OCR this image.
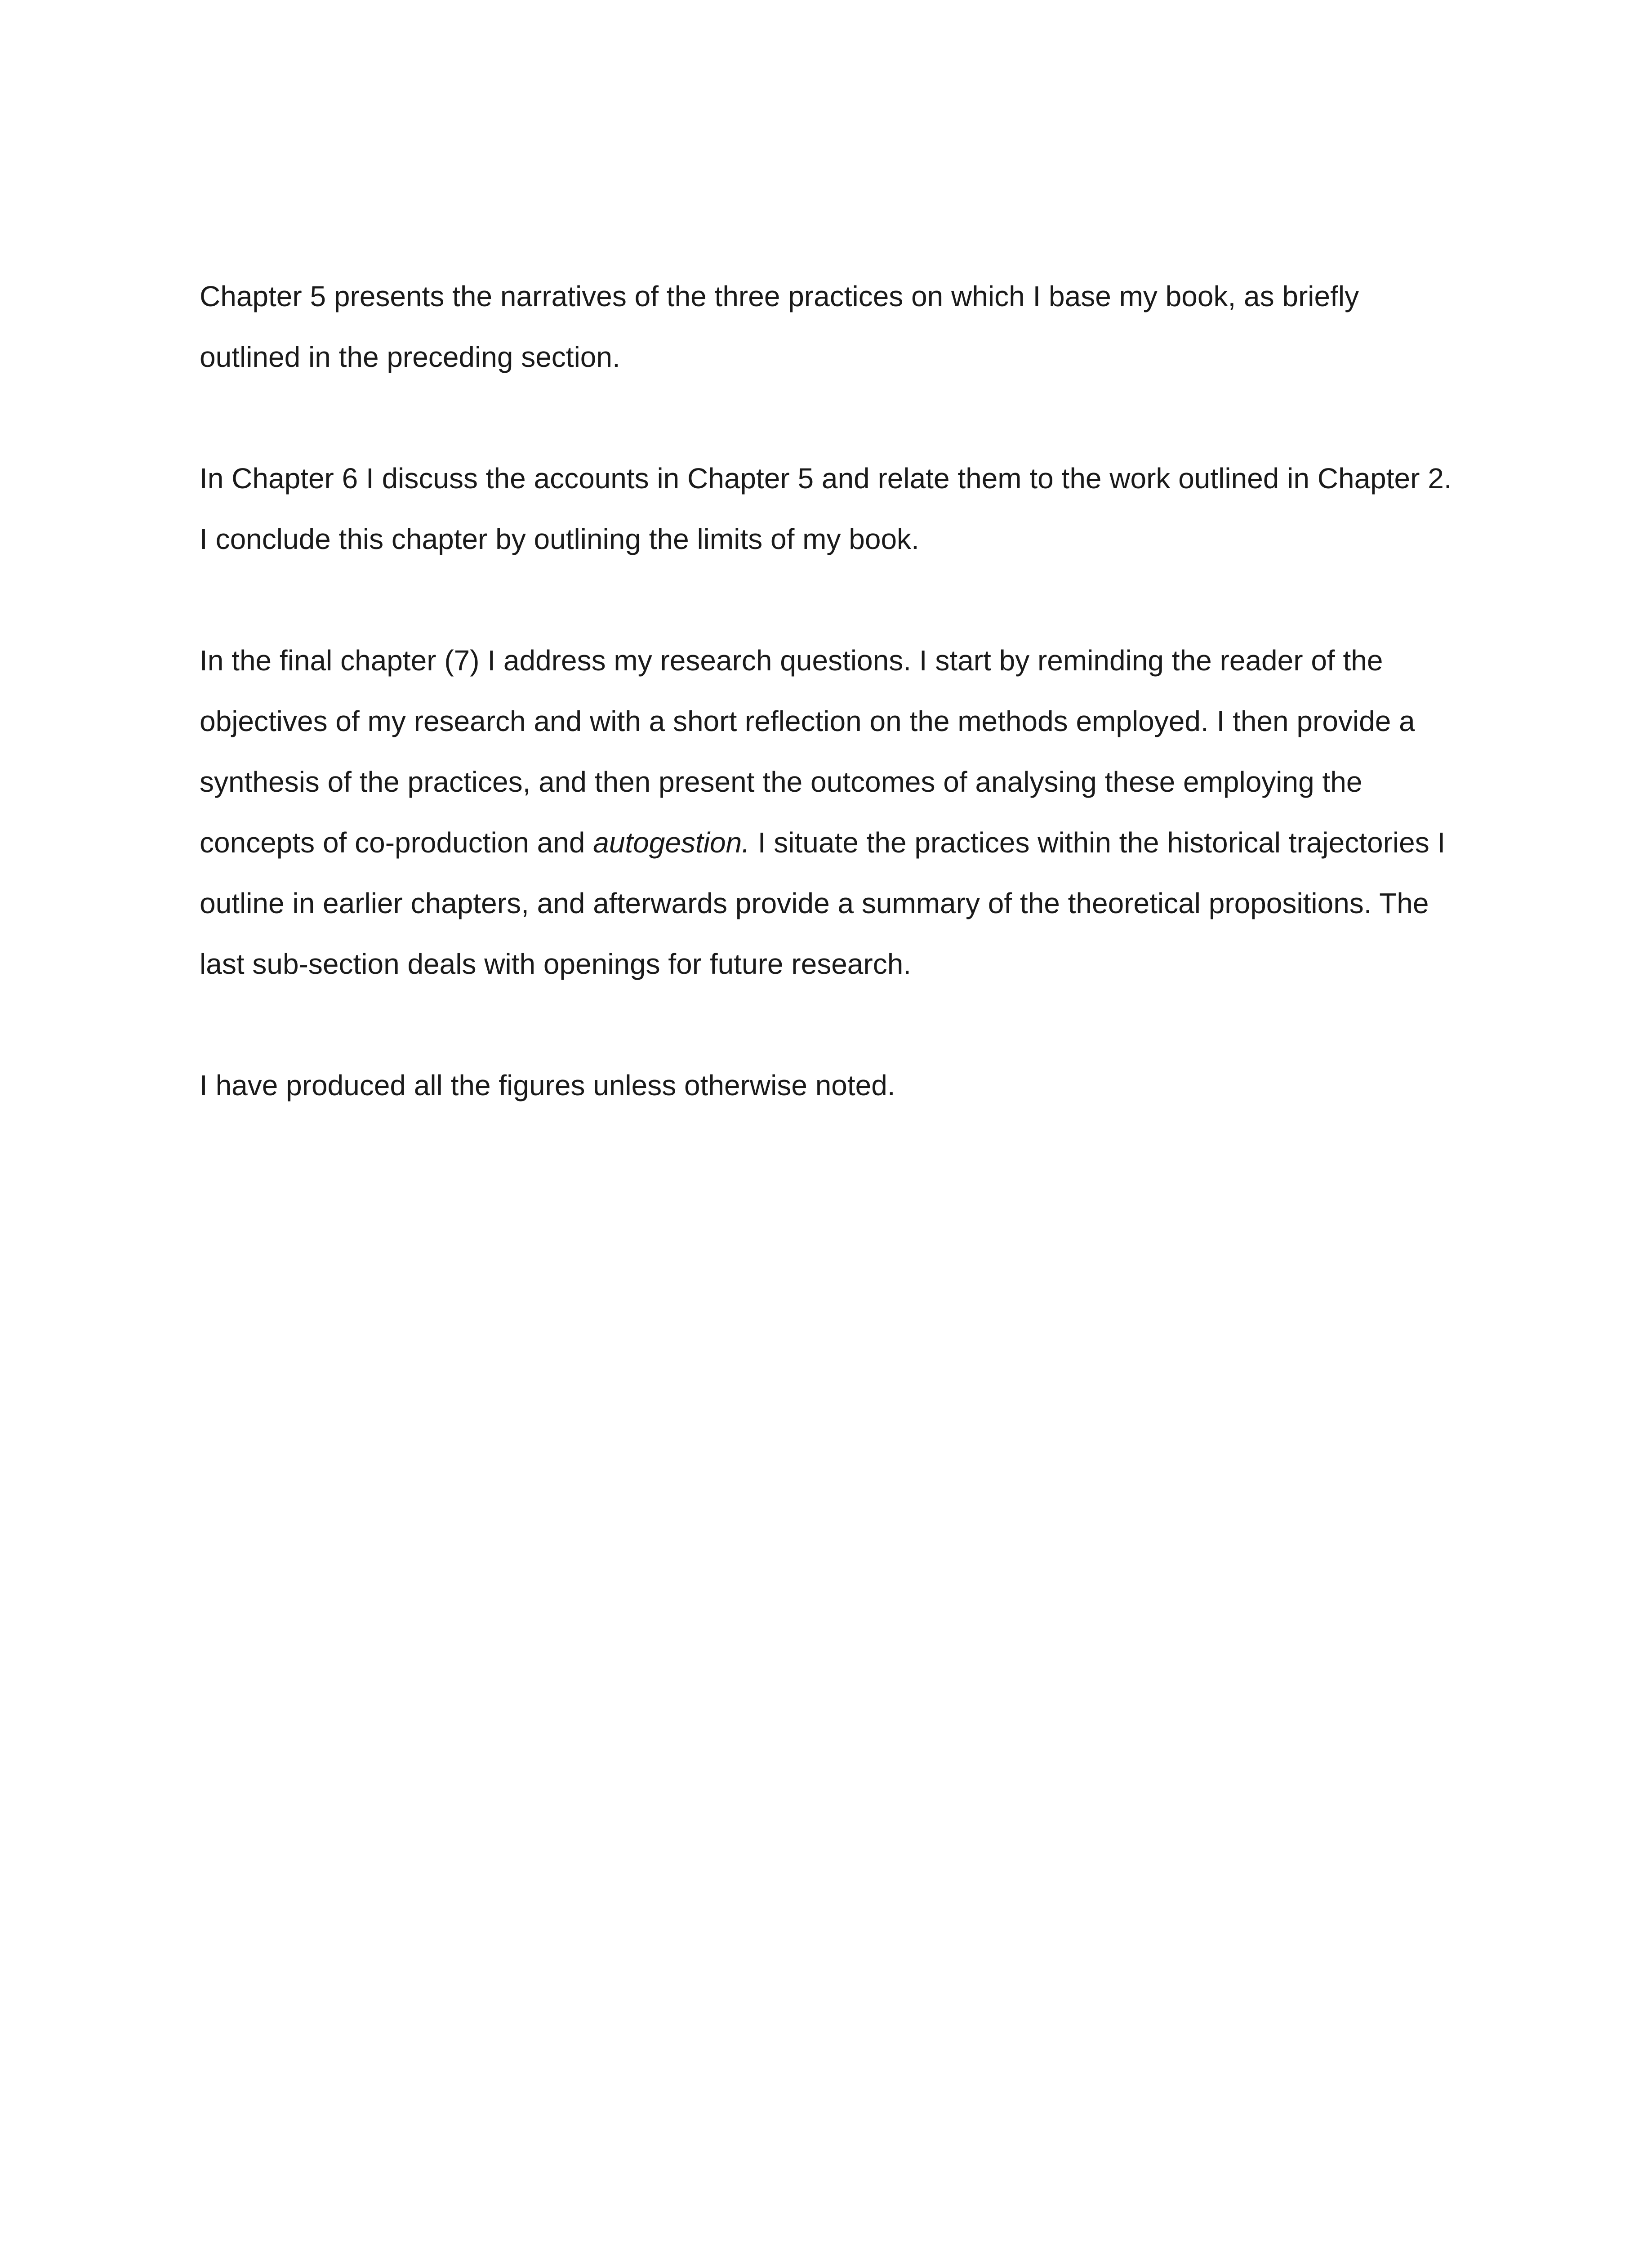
Chapter 5 presents the narratives of the three practices on which I base my book, as briefly outlined in the preceding section.

In Chapter 6 I discuss the accounts in Chapter 5 and relate them to the work outlined in Chapter 2. I conclude this chapter by outlining the limits of my book.

In the final chapter (7) I address my research questions. I start by reminding the reader of the objectives of my research and with a short reflection on the methods employed. I then provide a synthesis of the practices, and then present the outcomes of analysing these employing the concepts of co-production and autogestion. I situate the practices within the historical trajectories I outline in earlier chapters, and afterwards provide a summary of the theoretical propositions. The last sub-section deals with openings for future research.

I have produced all the figures unless otherwise noted.
